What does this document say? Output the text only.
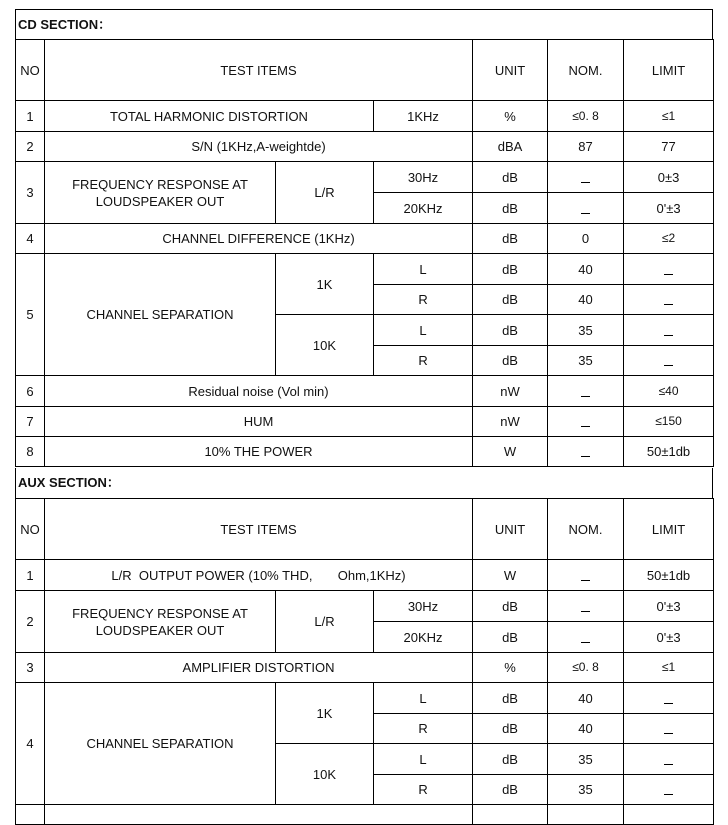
CD SECTION：
NO	TEST ITEMS			UNIT	NOM.	LIMIT
1	TOTAL HARMONIC DISTORTION		1KHz	%	≤0. 8	≤1
2	S/N (1KHz,A-weightde)			dBA	87	77
3	FREQUENCY RESPONSE AT
LOUDSPEAKER OUT	L/R	30Hz	dB		0±3
			20KHz	dB		0'±3
4	CHANNEL DIFFERENCE (1KHz)			dB	0	≤2
5	CHANNEL SEPARATION	1K	L	dB	40	
			R	dB	40	
		10K	L	dB	35	
			R	dB	35	
6	Residual noise (Vol min)			nW		≤40
7	HUM			nW		≤150
8	10% THE POWER			W		50±1db
AUX SECTION：
NO	TEST ITEMS			UNIT	NOM.	LIMIT
1	L/R  OUTPUT POWER (10% THD,       Ohm,1KHz)			W		50±1db
2	FREQUENCY RESPONSE AT
LOUDSPEAKER OUT	L/R	30Hz	dB		0'±3
			20KHz	dB		0'±3
3	AMPLIFIER DISTORTION			%	≤0. 8	≤1
4	CHANNEL SEPARATION	1K	L	dB	40	
			R	dB	40	
		10K	L	dB	35	
			R	dB	35	
